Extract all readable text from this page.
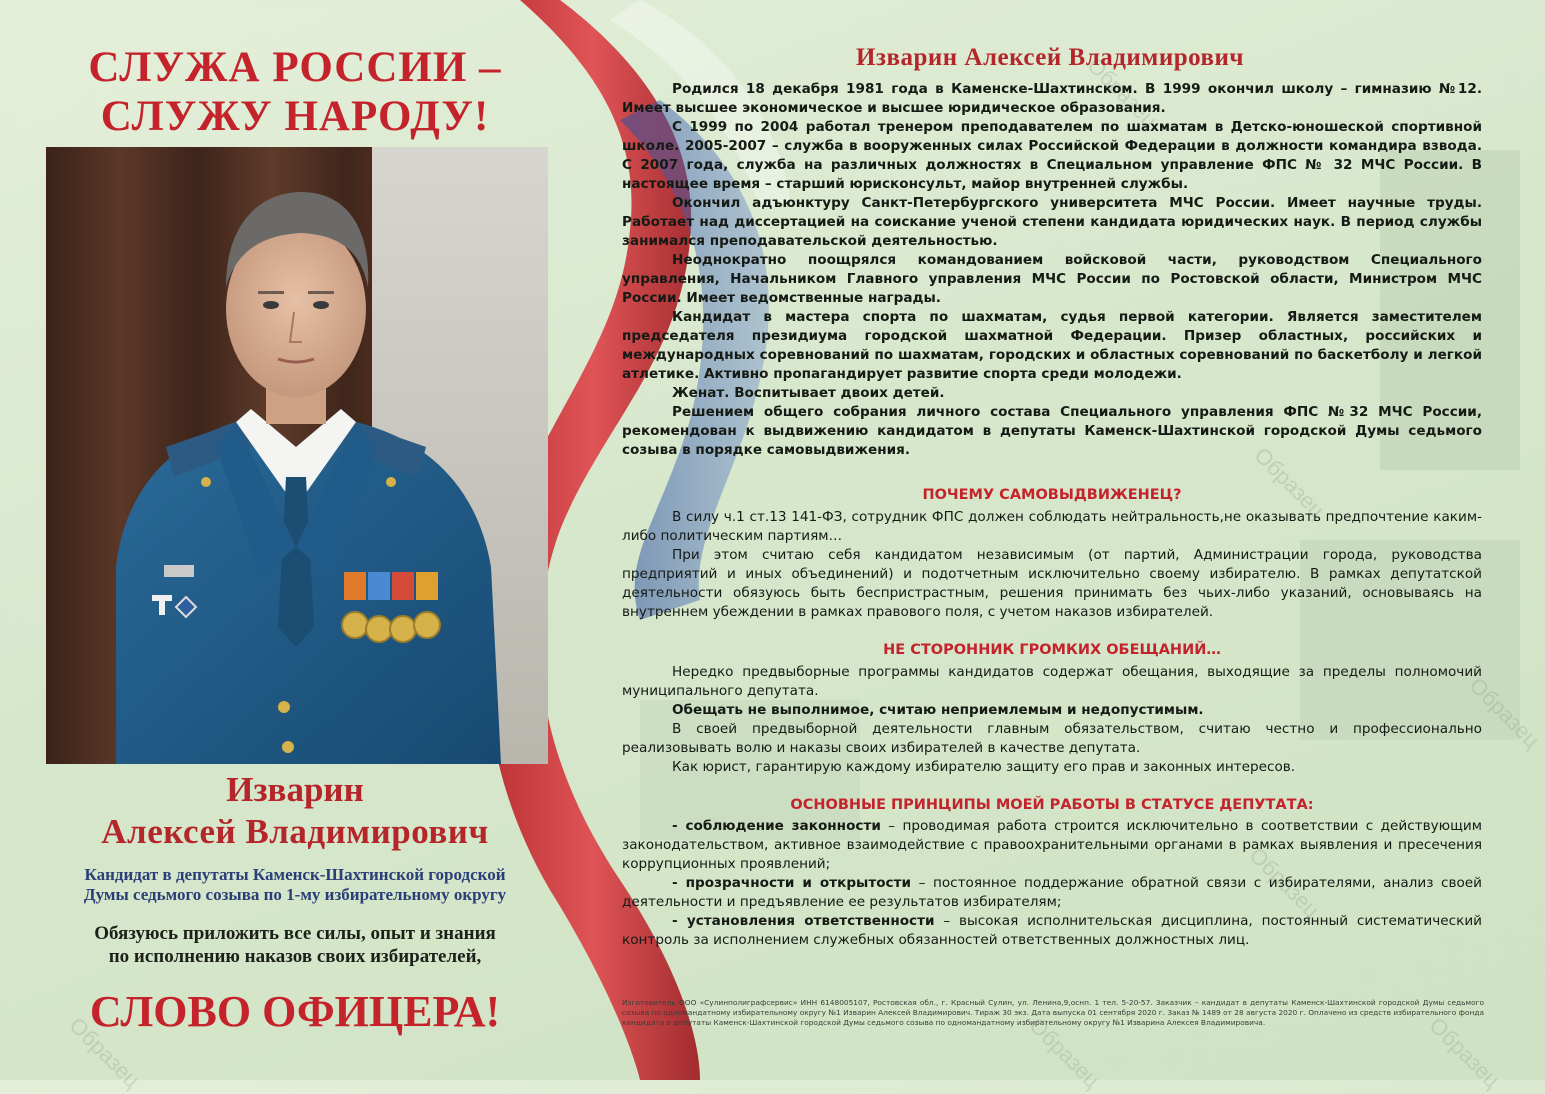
Образец
Образец
Образец
Образец
Образец	Образец
Образец
СЛУЖА РОССИИ –
СЛУЖУ НАРОДУ!
Изварин
Алексей Владимирович

Кандидат в депутаты Каменск-Шахтинской городской

Думы седьмого созыва по 1-му избирательному округу

Обязуюсь приложить все силы, опыт и знания

по исполнению наказов своих избирателей,

СЛОВО ОФИЦЕРА!
Изварин Алексей Владимирович

Родился 18 декабря 1981 года в Каменске-Шахтинском. В 1999 окончил школу – гимназию №12. Имеет высшее экономическое и высшее юридическое образования.

С 1999 по 2004 работал тренером преподавателем по шахматам в Детско-юношеской спортивной школе. 2005-2007 – служба в вооруженных силах Российской Федерации в должности командира взвода. С 2007 года, служба на различных должностях в Специальном управление ФПС № 32 МЧС России. В настоящее время – старший юрисконсульт, майор внутренней службы.

Окончил адъюнктуру Санкт-Петербургского университета МЧС России. Имеет научные труды. Работает над диссертацией на соискание ученой степени кандидата юридических наук. В период службы занимался преподавательской деятельностью.

Неоднократно поощрялся командованием войсковой части, руководством Специального управления, Начальником Главного управления МЧС России по Ростовской области, Министром МЧС России. Имеет ведомственные награды.

Кандидат в мастера спорта по шахматам, судья первой категории. Является заместителем председателя президиума городской шахматной Федерации. Призер областных, российских и международных соревнований по шахматам, городских и областных соревнований по баскетболу и легкой атлетике. Активно пропагандирует развитие спорта среди молодежи.

Женат. Воспитывает двоих детей.

Решением общего собрания личного состава Специального управления ФПС №32 МЧС России, рекомендован к выдвижению кандидатом в депутаты Каменск-Шахтинской городской Думы седьмого созыва в порядке самовыдвижения.

ПОЧЕМУ САМОВЫДВИЖЕНЕЦ?

В силу ч.1 ст.13 141-ФЗ, сотрудник ФПС должен соблюдать нейтральность,не оказывать предпочтение каким-либо политическим партиям…

При этом считаю себя кандидатом независимым (от партий, Администрации города, руководства предприятий и иных объединений) и подотчетным исключительно своему избирателю. В рамках депутатской деятельности обязуюсь быть беспристрастным, решения принимать без чьих-либо указаний, основываясь на внутреннем убеждении в рамках правового поля, с учетом наказов избирателей.

НЕ СТОРОННИК ГРОМКИХ ОБЕЩАНИЙ…

Нередко предвыборные программы кандидатов содержат обещания, выходящие за пределы полномочий муниципального депутата.

Обещать не выполнимое, считаю неприемлемым и недопустимым.

В своей предвыборной деятельности главным обязательством, считаю честно и профессионально реализовывать волю и наказы своих избирателей в качестве депутата.

Как юрист, гарантирую каждому избирателю защиту его прав и законных интересов.

ОСНОВНЫЕ ПРИНЦИПЫ МОЕЙ РАБОТЫ В СТАТУСЕ ДЕПУТАТА:

- соблюдение законности – проводимая работа строится исключительно в соответствии с действующим законодательством, активное взаимодействие с правоохранительными органами в рамках выявления и пресечения коррупционных проявлений;

- прозрачности и открытости – постоянное поддержание обратной связи с избирателями, анализ своей деятельности и предъявление ее результатов избирателям;

- установления ответственности – высокая исполнительская дисциплина, постоянный систематический контроль за исполнением служебных обязанностей ответственных должностных лиц.

Изготовитель ООО «Сулинполиграфсервис» ИНН 6148005107, Ростовская обл., г. Красный Сулин, ул. Ленина,9,оснп. 1 тел. 5-20-57. Заказчик – кандидат в депутаты Каменск-Шахтинской городской Думы седьмого созыва по одномандатному избирательному округу №1 Изварин Алексей Владимирович. Тираж 30 экз. Дата выпуска 01 сентября 2020 г. Заказ № 1489 от 28 августа 2020 г. Оплачено из средств избирательного фонда кандидата в депутаты Каменск-Шахтинской городской Думы седьмого созыва по одномандатному избирательному округу №1 Изварина Алексея Владимировича.
